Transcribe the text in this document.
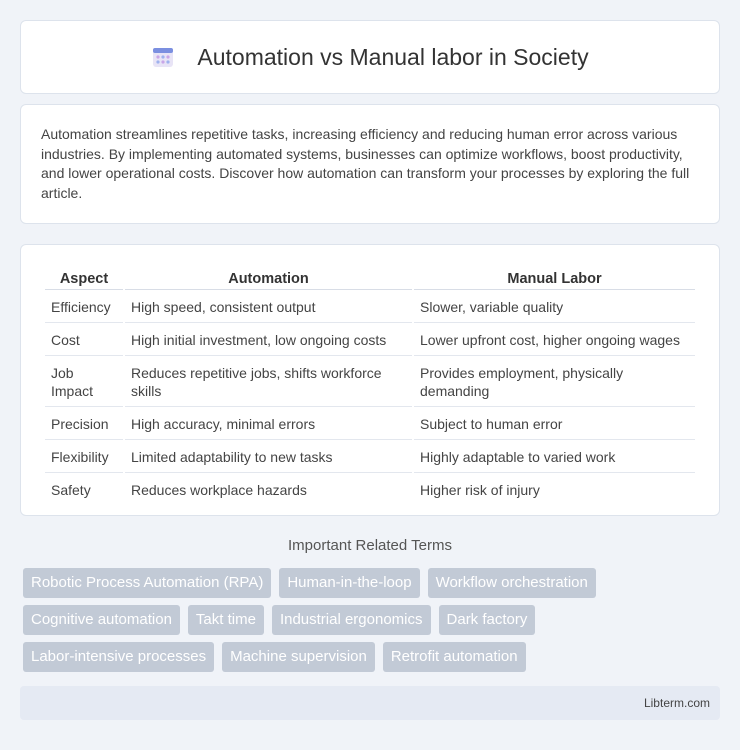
Automation vs Manual labor in Society

Automation streamlines repetitive tasks, increasing efficiency and reducing human error across various industries. By implementing automated systems, businesses can optimize workflows, boost productivity, and lower operational costs. Discover how automation can transform your processes by exploring the full article.

Aspect	Automation	Manual Labor
Efficiency	High speed, consistent output	Slower, variable quality
Cost	High initial investment, low ongoing costs	Lower upfront cost, higher ongoing wages
Job Impact	Reduces repetitive jobs, shifts workforce skills	Provides employment, physically demanding
Precision	High accuracy, minimal errors	Subject to human error
Flexibility	Limited adaptability to new tasks	Highly adaptable to varied work
Safety	Reduces workplace hazards	Higher risk of injury
Important Related Terms
Robotic Process Automation (RPA)	Human-in-the-loop	Workflow orchestration
Cognitive automation	Takt time	Industrial ergonomics	Dark factory
Labor-intensive processes	Machine supervision	Retrofit automation
Libterm.com
